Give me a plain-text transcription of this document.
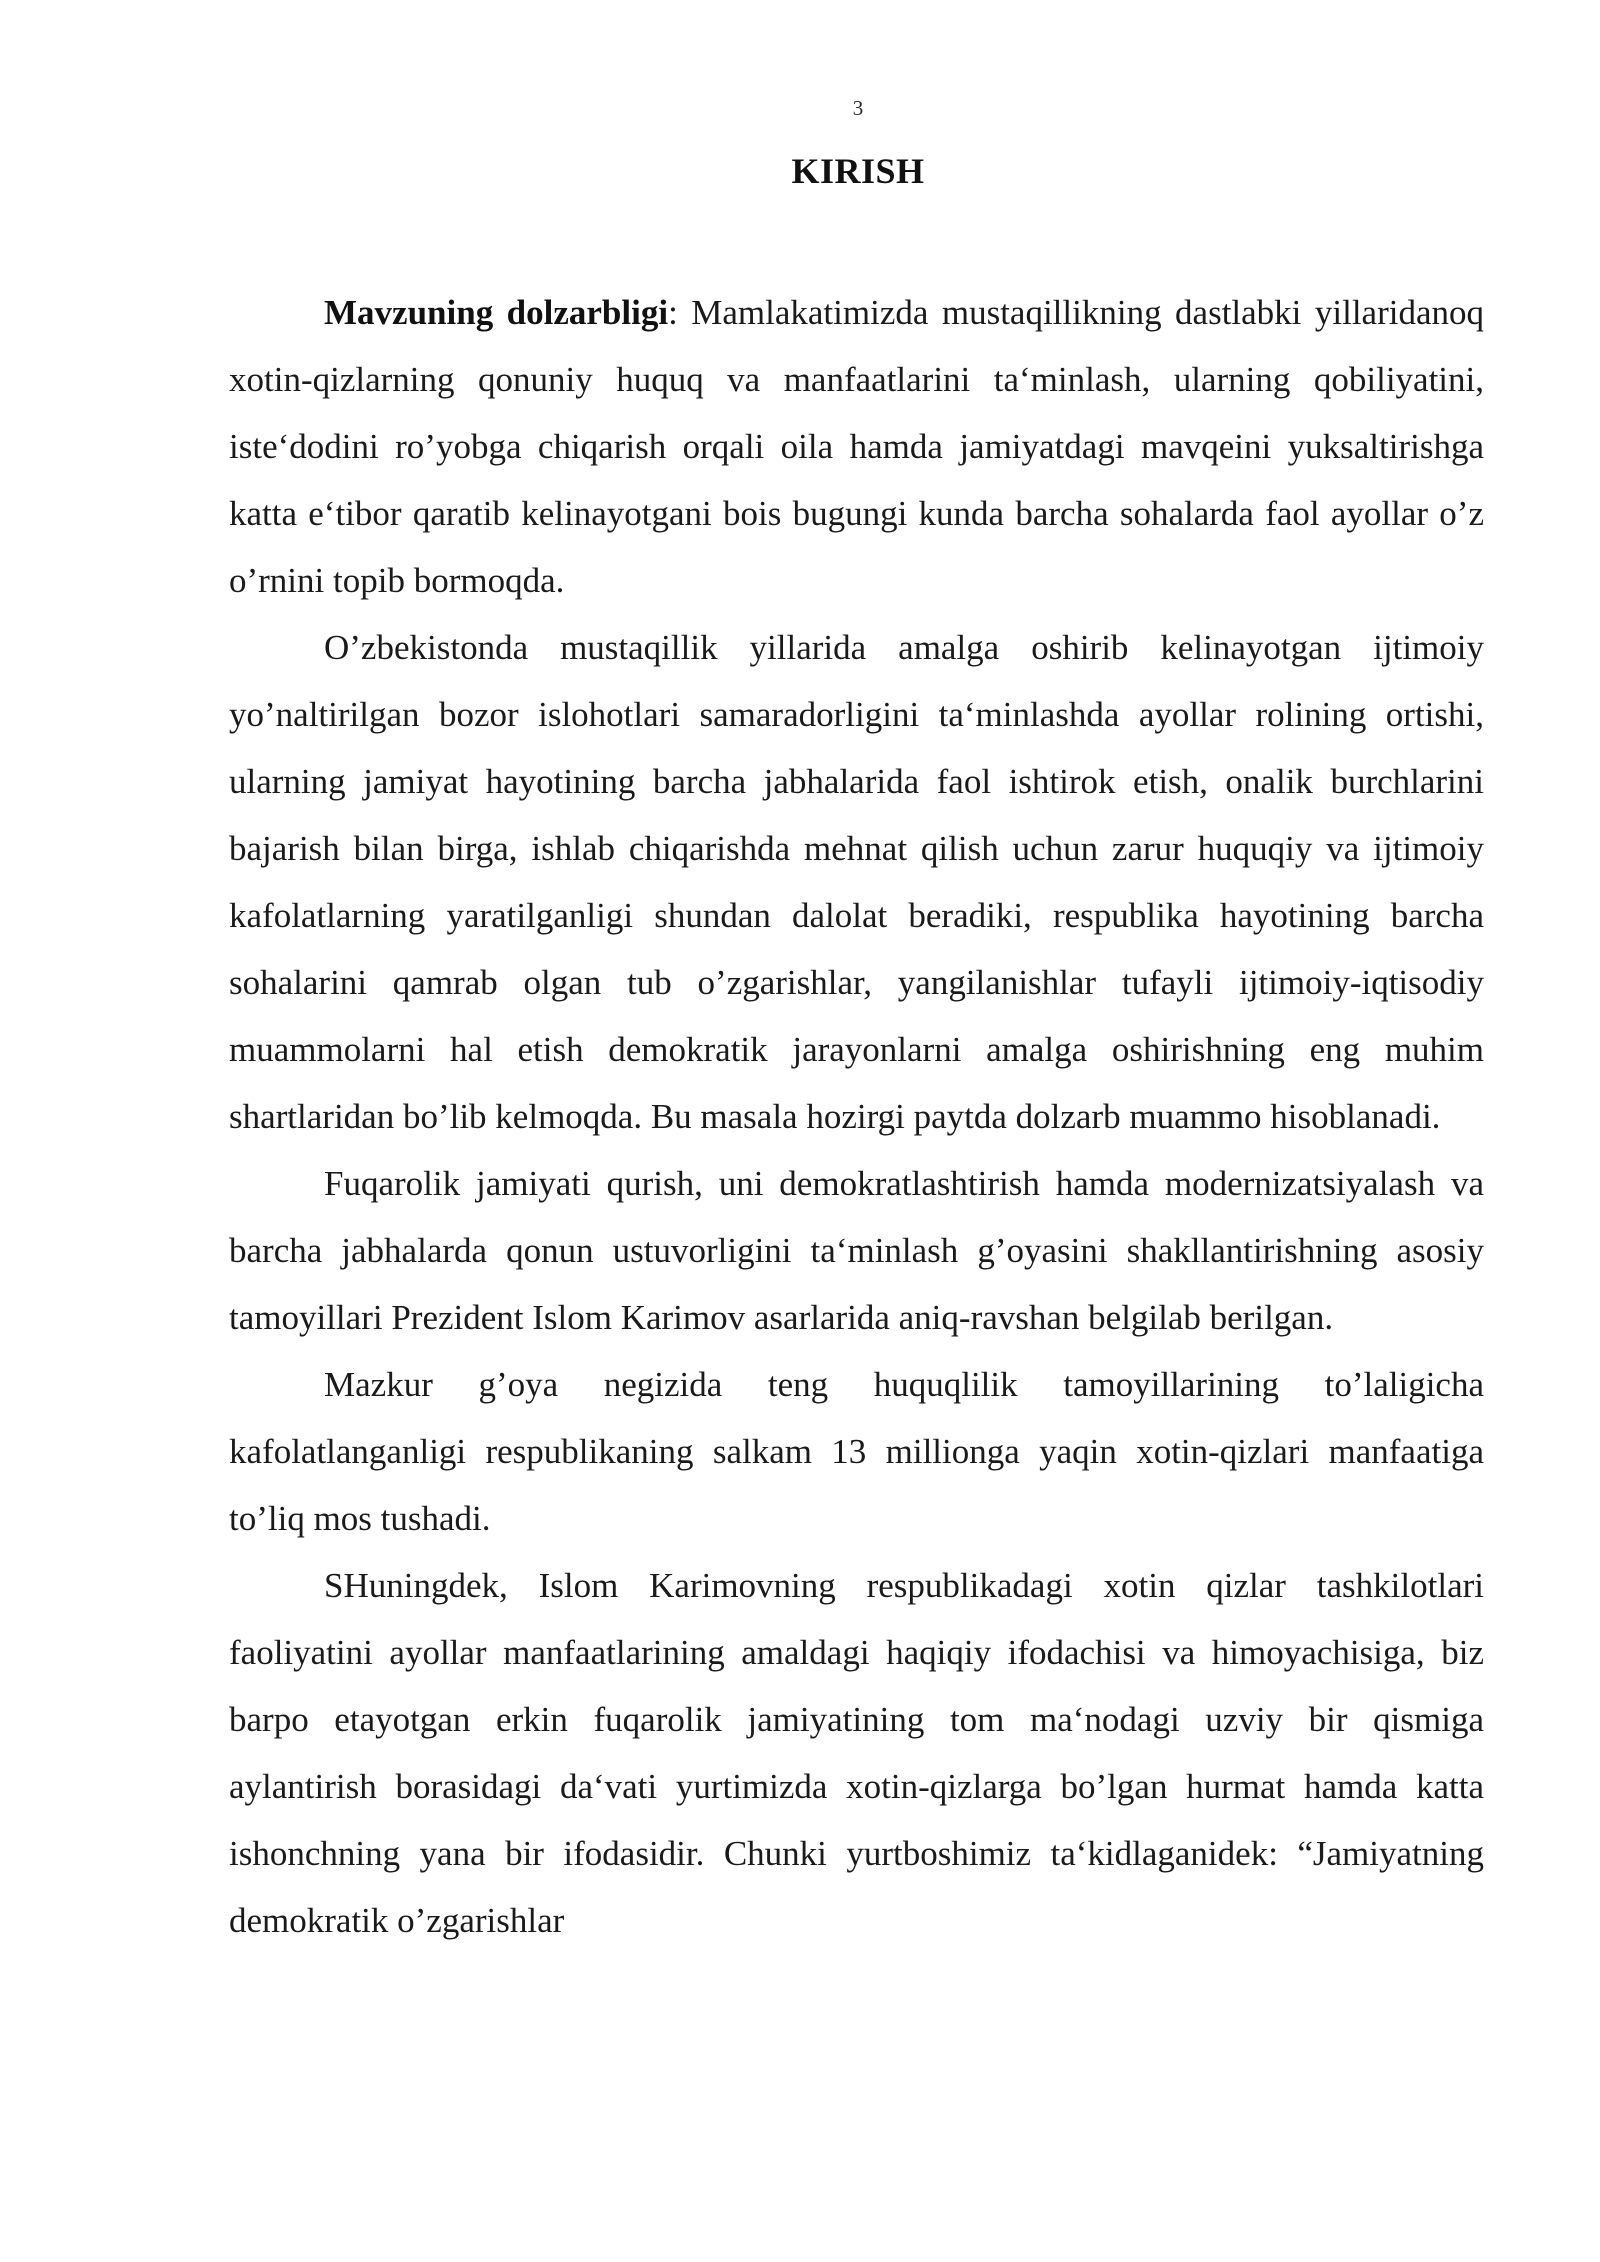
3
KIRISH

Mavzuning dolzarbligi: Mamlakatimizda mustaqillikning dastlabki yillaridanoq xotin-qizlarning qonuniy huquq va manfaatlarini ta‘minlash, ularning qobiliyatini, iste‘dodini ro’yobga chiqarish orqali oila hamda jamiyatdagi mavqeini yuksaltirishga katta e‘tibor qaratib kelinayotgani bois bugungi kunda barcha sohalarda faol ayollar o’z o’rnini topib bormoqda.

O’zbekistonda mustaqillik yillarida amalga oshirib kelinayotgan ijtimoiy yo’naltirilgan bozor islohotlari samaradorligini ta‘minlashda ayollar rolining ortishi, ularning jamiyat hayotining barcha jabhalarida faol ishtirok etish, onalik burchlarini bajarish bilan birga, ishlab chiqarishda mehnat qilish uchun zarur huquqiy va ijtimoiy kafolatlarning yaratilganligi shundan dalolat beradiki, respublika hayotining barcha sohalarini qamrab olgan tub o’zgarishlar, yangilanishlar tufayli ijtimoiy-iqtisodiy muammolarni hal etish demokratik jarayonlarni amalga oshirishning eng muhim shartlaridan bo’lib kelmoqda. Bu masala hozirgi paytda dolzarb muammo hisoblanadi.

Fuqarolik jamiyati qurish, uni demokratlashtirish hamda modernizatsiyalash va barcha jabhalarda qonun ustuvorligini ta‘minlash g’oyasini shakllantirishning asosiy tamoyillari Prezident Islom Karimov asarlarida aniq-ravshan belgilab berilgan.

Mazkur g’oya negizida teng huquqlilik tamoyillarining to’laligicha kafolatlanganligi respublikaning salkam 13 millionga yaqin xotin-qizlari manfaatiga to’liq mos tushadi.

SHuningdek, Islom Karimovning respublikadagi xotin qizlar tashkilotlari faoliyatini ayollar manfaatlarining amaldagi haqiqiy ifodachisi va himoyachisiga, biz barpo etayotgan erkin fuqarolik jamiyatining tom ma‘nodagi uzviy bir qismiga aylantirish borasidagi da‘vati yurtimizda xotin-qizlarga bo’lgan hurmat hamda katta ishonchning yana bir ifodasidir. Chunki yurtboshimiz ta‘kidlaganidek: “Jamiyatning demokratik o’zgarishlar
